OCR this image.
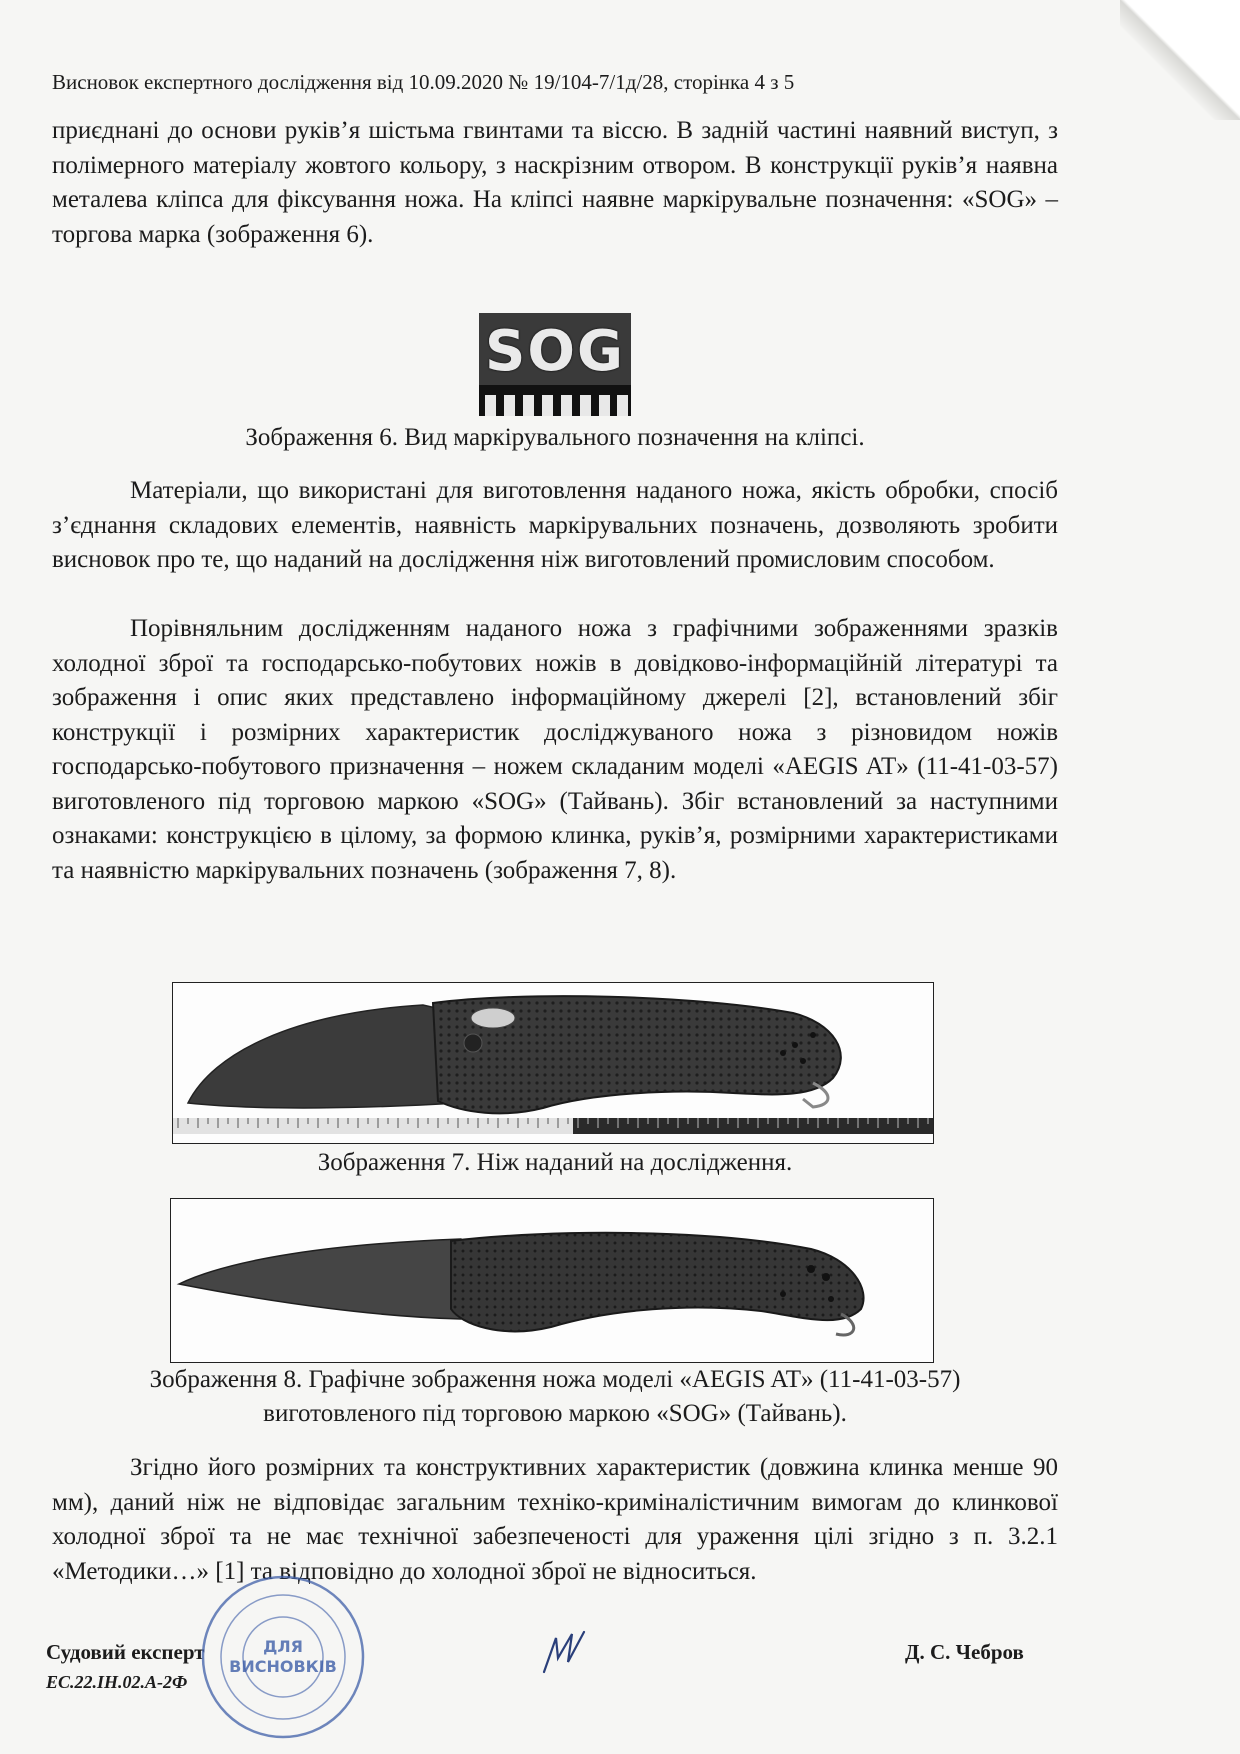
Висновок експертного дослідження від 10.09.2020 № 19/104-7/1д/28, сторінка 4 з 5

приєднані до основи руків’я шістьма гвинтами та віссю. В задній частині наявний виступ, з полімерного матеріалу жовтого кольору, з наскрізним отвором. В конструкції руків’я наявна металева кліпса для фіксування ножа. На кліпсі наявне маркірувальне позначення: «SOG» – торгова марка (зображення 6).

SOG
Зображення 6. Вид маркірувального позначення на кліпсі.

Матеріали, що використані для виготовлення наданого ножа, якість обробки, спосіб з’єднання складових елементів, наявність маркірувальних позначень, дозволяють зробити висновок про те, що наданий на дослідження ніж виготовлений промисловим способом.

Порівняльним дослідженням наданого ножа з графічними зображеннями зразків холодної зброї та господарсько-побутових ножів в довідково-інформаційній літературі та зображення і опис яких представлено інформаційному джерелі [2], встановлений збіг конструкції і розмірних характеристик досліджуваного ножа з різновидом ножів господарсько-побутового призначення – ножем складаним моделі «AEGIS AT» (11-41-03-57) виготовленого під торговою маркою «SOG» (Тайвань). Збіг встановлений за наступними ознаками: конструкцією в цілому, за формою клинка, руків’я, розмірними характеристиками та наявністю маркірувальних позначень (зображення 7, 8).

Зображення 7. Ніж наданий на дослідження.
Зображення 8. Графічне зображення ножа моделі «AEGIS AT» (11-41-03-57)
виготовленого під торговою маркою «SOG» (Тайвань).

Згідно його розмірних та конструктивних характеристик (довжина клинка менше 90 мм), даний ніж не відповідає загальним техніко-криміналістичним вимогам до клинкової холодної зброї та не має технічної забезпеченості для ураження цілі згідно з п. 3.2.1 «Методики…» [1] та відповідно до холодної зброї не відноситься.

Судовий експерт
ЕС.22.ІН.02.А-2Ф
Д. С. Чебров
ДЛЯ
ВИСНОВКІВ
